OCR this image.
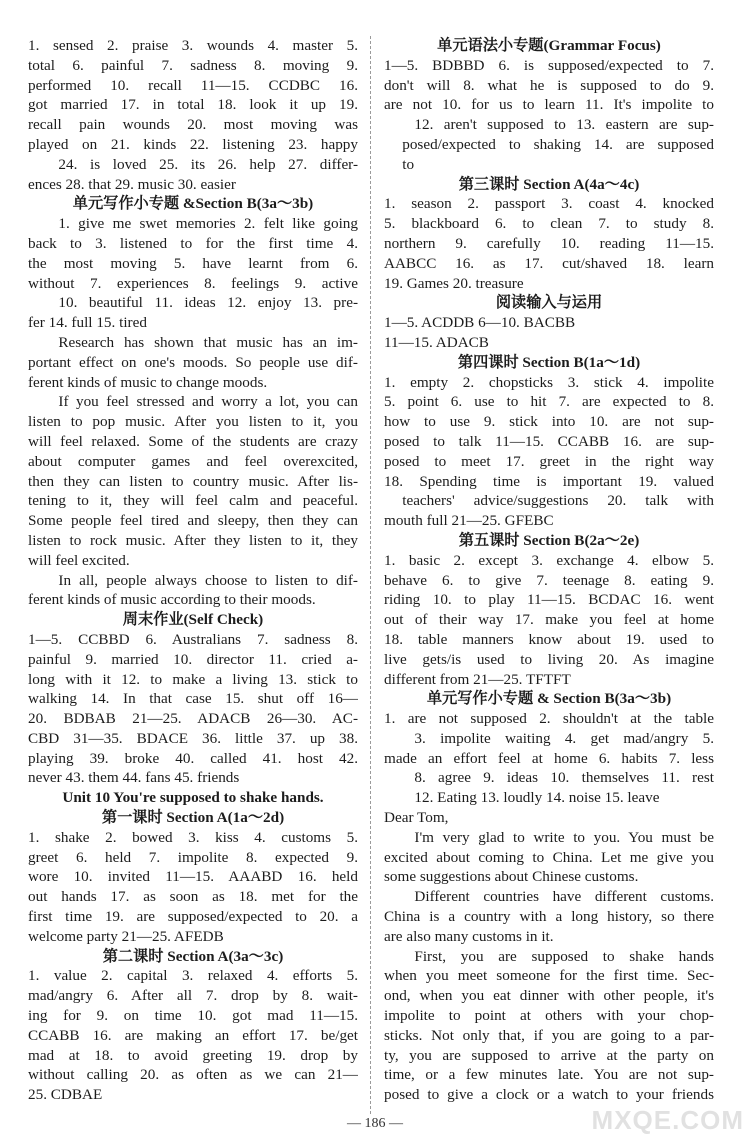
1. sensed 2. praise 3. wounds 4. master 5.
total 6. painful 7. sadness 8. moving 9.
performed 10. recall 11—15. CCDBC 16.
got married 17. in total 18. look it up 19.
recall pain wounds 20. most moving was
played on 21. kinds 22. listening 23. happy
24. is loved 25. its 26. help 27. differ-
ences 28. that 29. music 30. easier
单元写作小专题 &Section B(3a～3b)
1. give me swet memories 2. felt like going
back to 3. listened to for the first time 4.
the most moving 5. have learnt from 6.
without 7. experiences 8. feelings 9. active
10. beautiful 11. ideas 12. enjoy 13. pre-
fer 14. full 15. tired
Research has shown that music has an im-
portant effect on one's moods. So people use dif-
ferent kinds of music to change moods.
If you feel stressed and worry a lot, you can
listen to pop music. After you listen to it, you
will feel relaxed. Some of the students are crazy
about computer games and feel overexcited,
then they can listen to country music. After lis-
tening to it, they will feel calm and peaceful.
Some people feel tired and sleepy, then they can
listen to rock music. After they listen to it, they
will feel excited.
In all, people always choose to listen to dif-
ferent kinds of music according to their moods.
周末作业(Self Check)
1—5. CCBBD 6. Australians 7. sadness 8.
painful 9. married 10. director 11. cried a-
long with it 12. to make a living 13. stick to
walking 14. In that case 15. shut off 16—
20. BDBAB 21—25. ADACB 26—30. AC-
CBD 31—35. BDACE 36. little 37. up 38.
playing 39. broke 40. called 41. host 42.
never 43. them 44. fans 45. friends
Unit 10 You're supposed to shake hands.
第一课时 Section A(1a～2d)
1. shake 2. bowed 3. kiss 4. customs 5.
greet 6. held 7. impolite 8. expected 9.
wore 10. invited 11—15. AAABD 16. held
out hands 17. as soon as 18. met for the
first time 19. are supposed/expected to 20. a
welcome party 21—25. AFEDB
第二课时 Section A(3a～3c)
1. value 2. capital 3. relaxed 4. efforts 5.
mad/angry 6. After all 7. drop by 8. wait-
ing for 9. on time 10. got mad 11—15.
CCABB 16. are making an effort 17. be/get
mad at 18. to avoid greeting 19. drop by
without calling 20. as often as we can 21—
25. CDBAE
单元语法小专题(Grammar Focus)
1—5. BDBBD 6. is supposed/expected to 7.
don't will 8. what he is supposed to do 9.
are not 10. for us to learn 11. It's impolite to
12. aren't supposed to 13. eastern are sup-
posed/expected to shaking 14. are supposed
to
第三课时 Section A(4a～4c)
1. season 2. passport 3. coast 4. knocked
5. blackboard 6. to clean 7. to study 8.
northern 9. carefully 10. reading 11—15.
AABCC 16. as 17. cut/shaved 18. learn
19. Games 20. treasure
阅读输入与运用
1—5. ACDDB 6—10. BACBB
11—15. ADACB
第四课时 Section B(1a～1d)
1. empty 2. chopsticks 3. stick 4. impolite
5. point 6. use to hit 7. are expected to 8.
how to use 9. stick into 10. are not sup-
posed to talk 11—15. CCABB 16. are sup-
posed to meet 17. greet in the right way
18. Spending time is important 19. valued
teachers' advice/suggestions 20. talk with
mouth full 21—25. GFEBC
第五课时 Section B(2a～2e)
1. basic 2. except 3. exchange 4. elbow 5.
behave 6. to give 7. teenage 8. eating 9.
riding 10. to play 11—15. BCDAC 16. went
out of their way 17. make you feel at home
18. table manners know about 19. used to
live gets/is used to living 20. As imagine
different from 21—25. TFTFT
单元写作小专题 & Section B(3a～3b)
1. are not supposed 2. shouldn't at the table
3. impolite waiting 4. get mad/angry 5.
made an effort feel at home 6. habits 7. less
8. agree 9. ideas 10. themselves 11. rest
12. Eating 13. loudly 14. noise 15. leave
Dear Tom,
I'm very glad to write to you. You must be
excited about coming to China. Let me give you
some suggestions about Chinese customs.
Different countries have different customs.
China is a country with a long history, so there
are also many customs in it.
First, you are supposed to shake hands
when you meet someone for the first time. Sec-
ond, when you eat dinner with other people, it's
impolite to point at others with your chop-
sticks. Not only that, if you are going to a par-
ty, you are supposed to arrive at the party on
time, or a few minutes late. You are not sup-
posed to give a clock or a watch to your friends
— 186 —	MXQE.COM
